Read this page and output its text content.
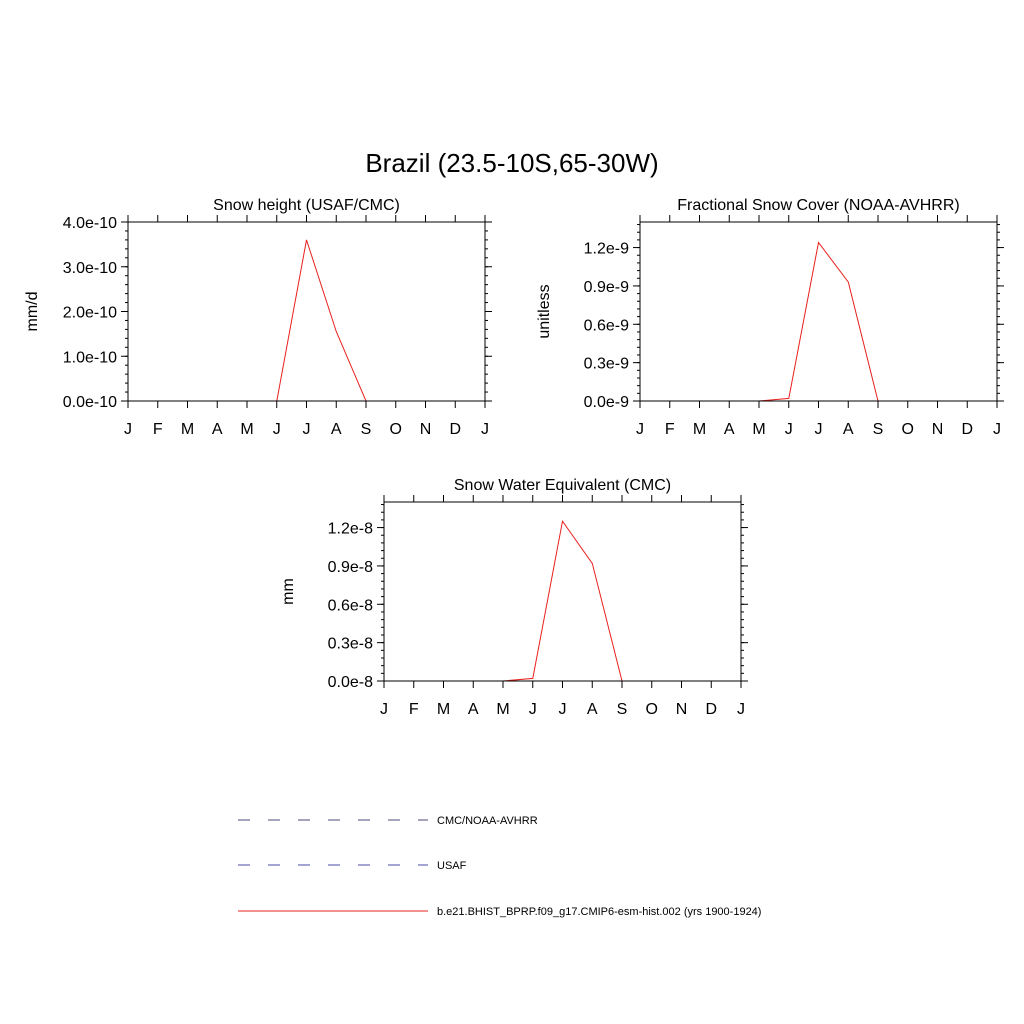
Brazil (23.5-10S,65-30W)
Snow height (USAF/CMC)
mm/d
0.0e-10
1.0e-10
2.0e-10
3.0e-10
4.0e-10
J F M A M J J A S O N D J
Fractional Snow Cover (NOAA-AVHRR)
unitless
0.0e-9
0.3e-9
0.6e-9
0.9e-9
1.2e-9
J F M A M J J A S O N D J
Snow Water Equivalent (CMC)
mm
0.0e-8
0.3e-8
0.6e-8
0.9e-8
1.2e-8
J F M A M J J A S O N D J
CMC/NOAA-AVHRR
USAF
b.e21.BHIST_BPRP.f09_g17.CMIP6-esm-hist.002 (yrs 1900-1924)
